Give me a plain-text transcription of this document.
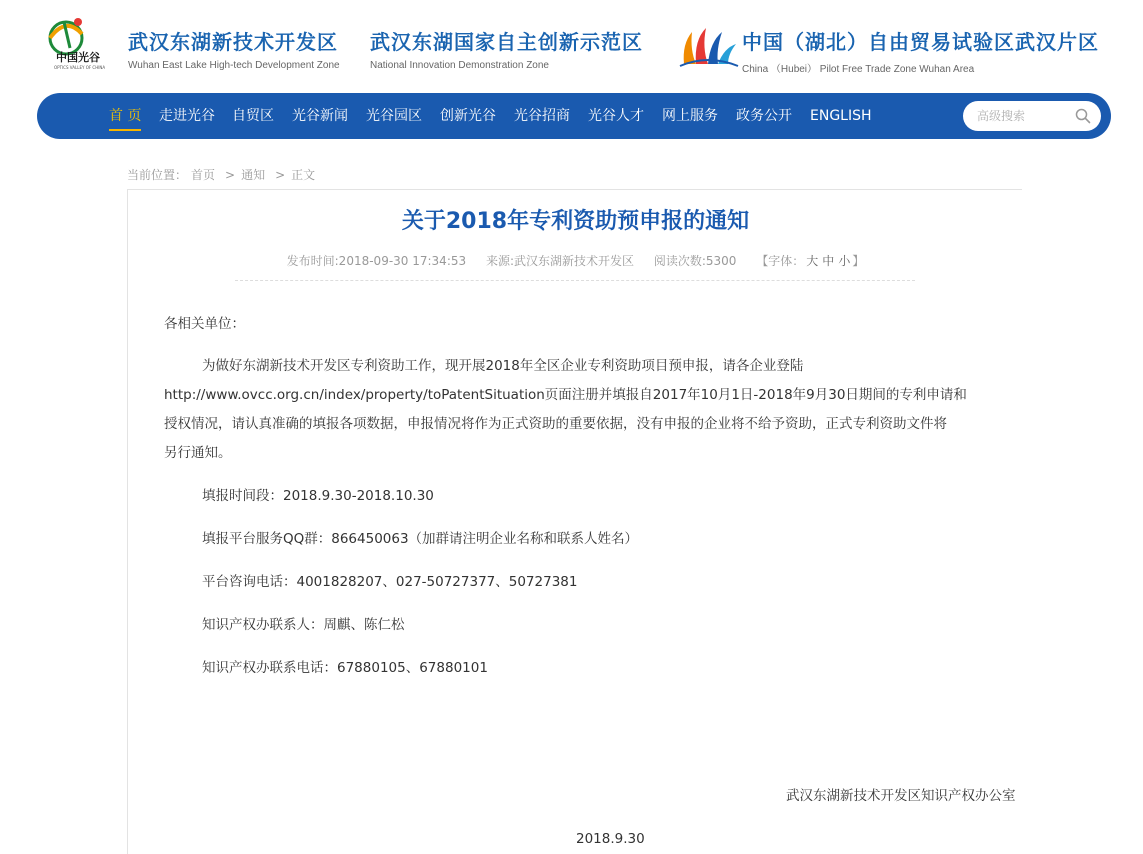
中国光谷
OPTICS VALLEY OF CHINA
武汉东湖新技术开发区
Wuhan East Lake High-tech Development Zone
武汉东湖国家自主创新示范区
National Innovation Demonstration Zone
中国（湖北）自由贸易试验区武汉片区
China （Hubei） Pilot Free Trade Zone Wuhan Area
首 页 走进光谷 自贸区 光谷新闻 光谷园区 创新光谷 光谷招商 光谷人才 网上服务 政务公开 ENGLISH
高级搜索
当前位置： 首页 > 通知 > 正文
关于2018年专利资助预申报的通知
发布时间:2018-09-30 17:34:53 来源:武汉东湖新技术开发区 阅读次数:5300 【字体： 大 中 小 】
各相关单位：
为做好东湖新技术开发区专利资助工作，现开展2018年全区企业专利资助项目预申报，请各企业登陆
http://www.ovcc.org.cn/index/property/toPatentSituation页面注册并填报自2017年10月1日-2018年9月30日期间的专利申请和
授权情况，请认真准确的填报各项数据，申报情况将作为正式资助的重要依据，没有申报的企业将不给予资助，正式专利资助文件将
另行通知。
填报时间段：2018.9.30-2018.10.30
填报平台服务QQ群：866450063（加群请注明企业名称和联系人姓名）
平台咨询电话：4001828207、027-50727377、50727381
知识产权办联系人：周麒、陈仁松
知识产权办联系电话：67880105、67880101
武汉东湖新技术开发区知识产权办公室
2018.9.30
